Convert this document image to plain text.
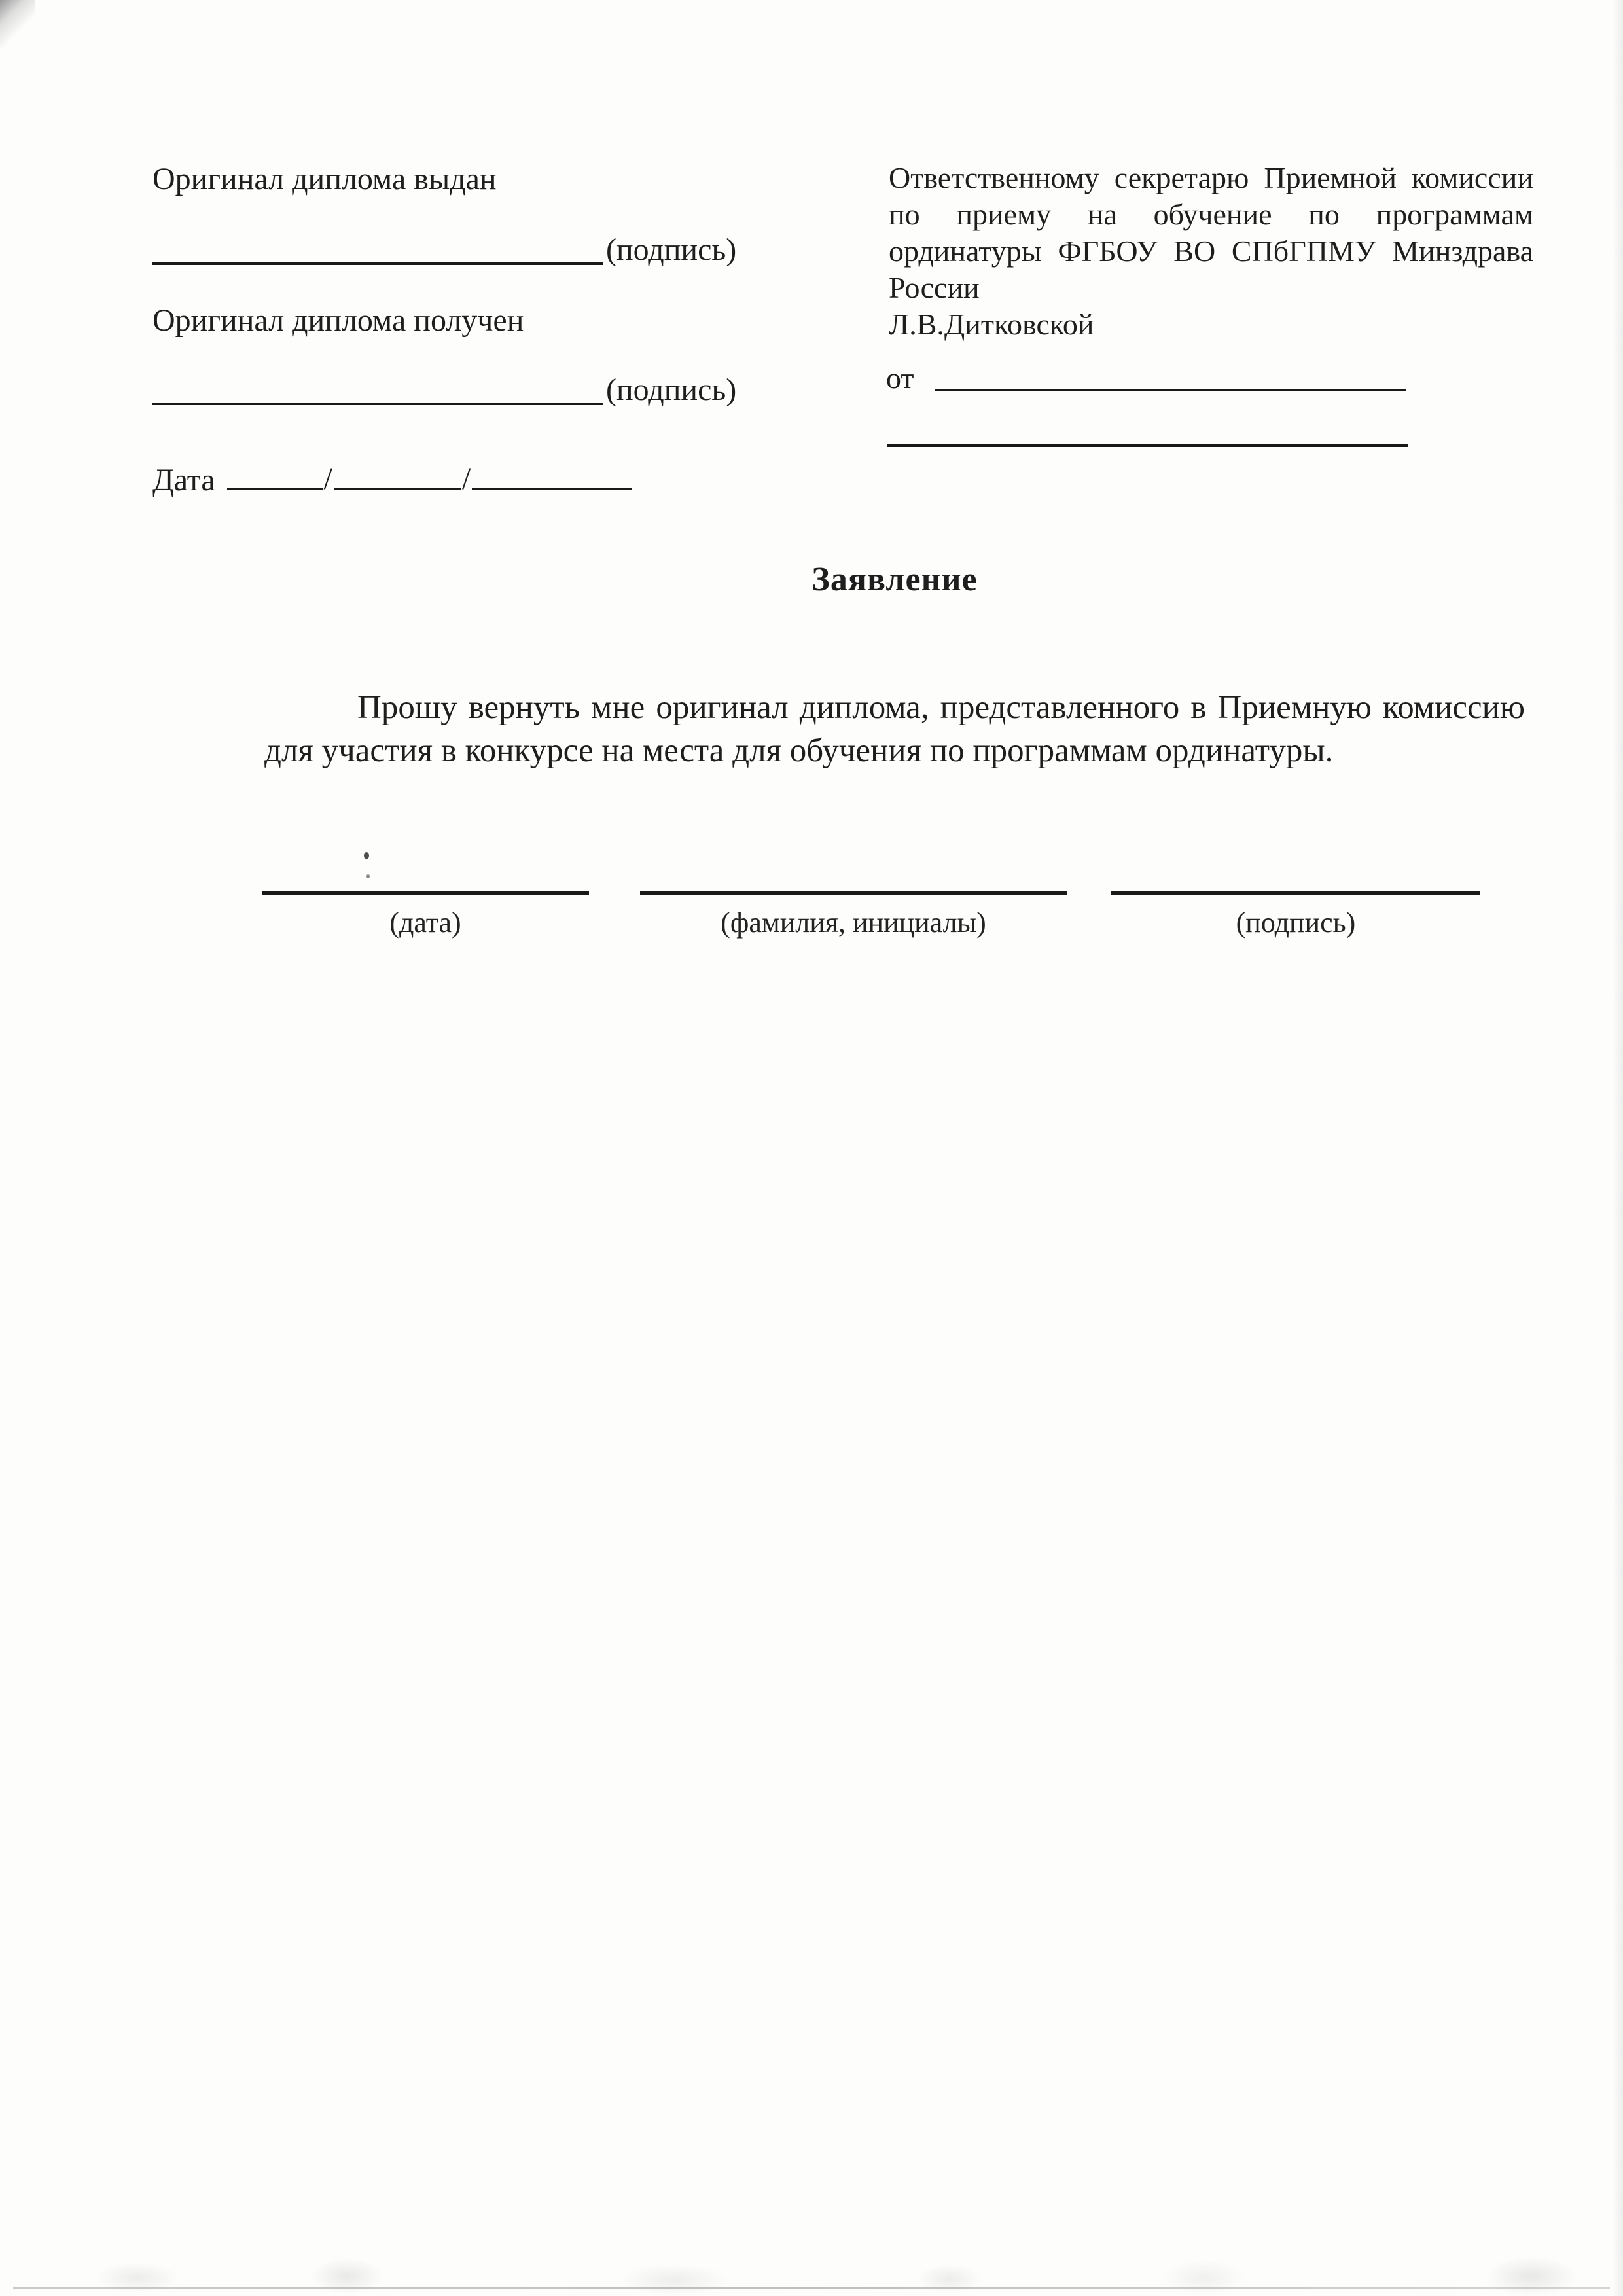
Оригинал диплома выдан
(подпись)
Оригинал диплома получен
(подпись)
Дата	/	/
Ответственному секретарю Приемной комиссии
по приему на обучение по программам
ординатуры ФГБОУ ВО СПбГПМУ Минздрава
России
Л.В.Дитковской
от
Заявление
Прошу вернуть мне оригинал диплома, представленного в Приемную комиссию
для участия в конкурсе на места для обучения по программам ординатуры.
(дата)	(фамилия, инициалы)	(подпись)
